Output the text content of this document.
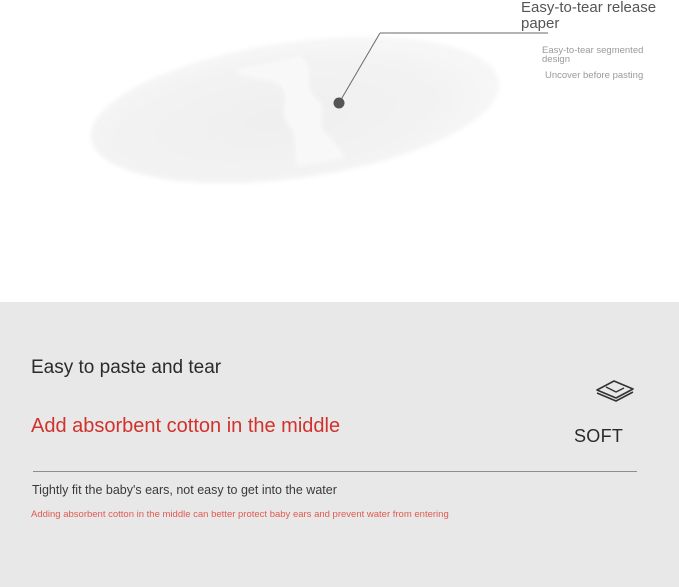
Easy-to-tear release paper
Easy-to-tear segmented design
Uncover before pasting
Easy to paste and tear
Add absorbent cotton in the middle	SOFT
Tightly fit the baby's ears, not easy to get into the water
Adding absorbent cotton in the middle can better protect baby ears and prevent water from entering
